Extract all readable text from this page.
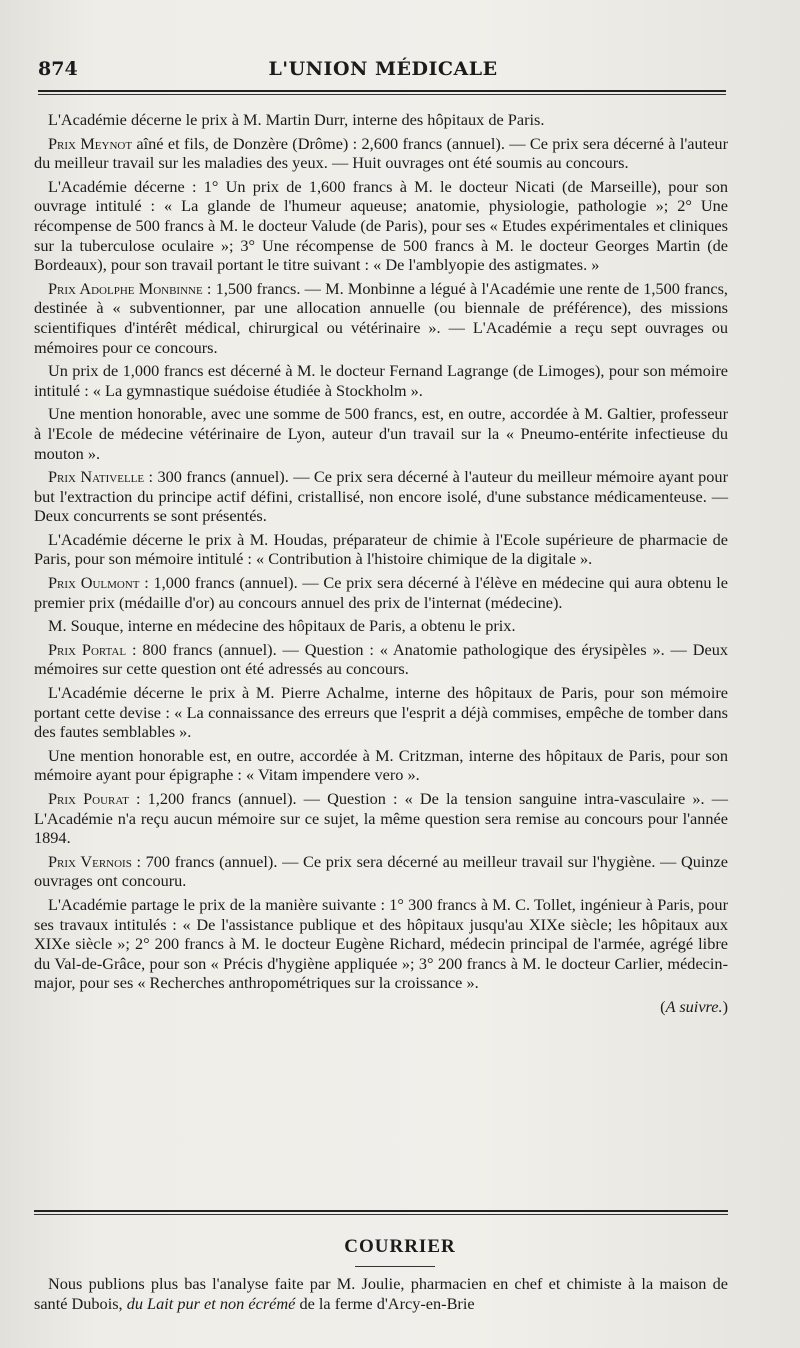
874	L'UNION MÉDICALE

L'Académie décerne le prix à M. Martin Durr, interne des hôpitaux de Paris.

Prix Meynot aîné et fils, de Donzère (Drôme) : 2,600 francs (annuel). — Ce prix sera décerné à l'auteur du meilleur travail sur les maladies des yeux. — Huit ouvrages ont été soumis au concours.

L'Académie décerne : 1° Un prix de 1,600 francs à M. le docteur Nicati (de Marseille), pour son ouvrage intitulé : « La glande de l'humeur aqueuse; anatomie, physiologie, pathologie »; 2° Une récompense de 500 francs à M. le docteur Valude (de Paris), pour ses « Etudes expérimentales et cliniques sur la tuberculose oculaire »; 3° Une récompense de 500 francs à M. le docteur Georges Martin (de Bordeaux), pour son travail portant le titre suivant : « De l'amblyopie des astigmates. »

Prix Adolphe Monbinne : 1,500 francs. — M. Monbinne a légué à l'Académie une rente de 1,500 francs, destinée à « subventionner, par une allocation annuelle (ou biennale de préférence), des missions scientifiques d'intérêt médical, chirurgical ou vétérinaire ». — L'Académie a reçu sept ouvrages ou mémoires pour ce concours.

Un prix de 1,000 francs est décerné à M. le docteur Fernand Lagrange (de Limoges), pour son mémoire intitulé : « La gymnastique suédoise étudiée à Stockholm ».

Une mention honorable, avec une somme de 500 francs, est, en outre, accordée à M. Galtier, professeur à l'Ecole de médecine vétérinaire de Lyon, auteur d'un travail sur la « Pneumo-entérite infectieuse du mouton ».

Prix Nativelle : 300 francs (annuel). — Ce prix sera décerné à l'auteur du meilleur mémoire ayant pour but l'extraction du principe actif défini, cristallisé, non encore isolé, d'une substance médicamenteuse. — Deux concurrents se sont présentés.

L'Académie décerne le prix à M. Houdas, préparateur de chimie à l'Ecole supérieure de pharmacie de Paris, pour son mémoire intitulé : « Contribution à l'histoire chimique de la digitale ».

Prix Oulmont : 1,000 francs (annuel). — Ce prix sera décerné à l'élève en médecine qui aura obtenu le premier prix (médaille d'or) au concours annuel des prix de l'internat (médecine).

M. Souque, interne en médecine des hôpitaux de Paris, a obtenu le prix.

Prix Portal : 800 francs (annuel). — Question : « Anatomie pathologique des érysipèles ». — Deux mémoires sur cette question ont été adressés au concours.

L'Académie décerne le prix à M. Pierre Achalme, interne des hôpitaux de Paris, pour son mémoire portant cette devise : « La connaissance des erreurs que l'esprit a déjà commises, empêche de tomber dans des fautes semblables ».

Une mention honorable est, en outre, accordée à M. Critzman, interne des hôpitaux de Paris, pour son mémoire ayant pour épigraphe : « Vitam impendere vero ».

Prix Pourat : 1,200 francs (annuel). — Question : « De la tension sanguine intra-vasculaire ». — L'Académie n'a reçu aucun mémoire sur ce sujet, la même question sera remise au concours pour l'année 1894.

Prix Vernois : 700 francs (annuel). — Ce prix sera décerné au meilleur travail sur l'hygiène. — Quinze ouvrages ont concouru.

L'Académie partage le prix de la manière suivante : 1° 300 francs à M. C. Tollet, ingénieur à Paris, pour ses travaux intitulés : « De l'assistance publique et des hôpitaux jusqu'au XIXe siècle; les hôpitaux aux XIXe siècle »; 2° 200 francs à M. le docteur Eugène Richard, médecin principal de l'armée, agrégé libre du Val-de-Grâce, pour son « Précis d'hygiène appliquée »; 3° 200 francs à M. le docteur Carlier, médecin-major, pour ses « Recherches anthropométriques sur la croissance ».

(A suivre.)
COURRIER

Nous publions plus bas l'analyse faite par M. Joulie, pharmacien en chef et chimiste à la maison de santé Dubois, du Lait pur et non écrémé de la ferme d'Arcy-en-Brie
